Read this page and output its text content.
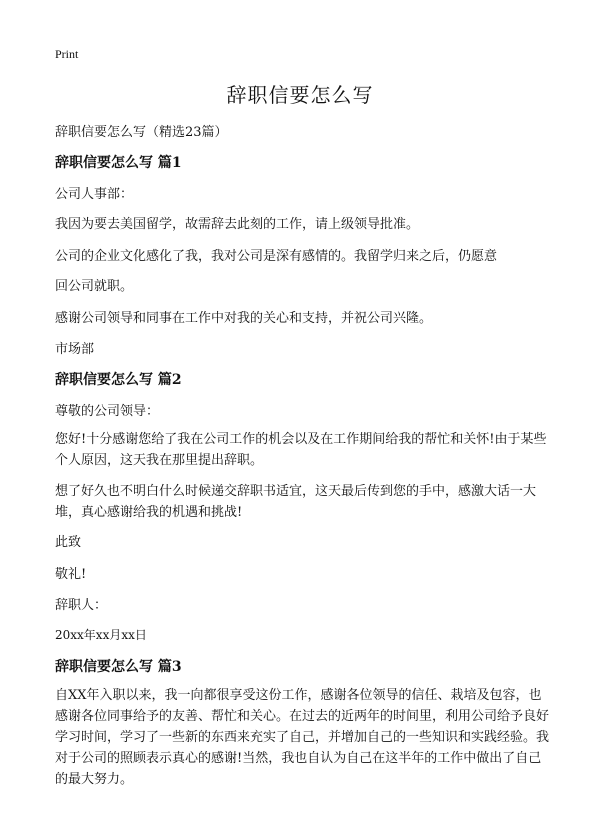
Print
辞职信要怎么写
辞职信要怎么写（精选23篇）
辞职信要怎么写 篇1
公司人事部：
我因为要去美国留学，故需辞去此刻的工作，请上级领导批准。
公司的企业文化感化了我，我对公司是深有感情的。我留学归来之后，仍愿意
回公司就职。
感谢公司领导和同事在工作中对我的关心和支持，并祝公司兴隆。
市场部
辞职信要怎么写 篇2
尊敬的公司领导：
您好!十分感谢您给了我在公司工作的机会以及在工作期间给我的帮忙和关怀!由于某些个人原因，这天我在那里提出辞职。
想了好久也不明白什么时候递交辞职书适宜，这天最后传到您的手中，感激大话一大堆，真心感谢给我的机遇和挑战!
此致
敬礼!
辞职人：
20xx年xx月xx日
辞职信要怎么写 篇3
自XX年入职以来，我一向都很享受这份工作，感谢各位领导的信任、栽培及包容，也感谢各位同事给予的友善、帮忙和关心。在过去的近两年的时间里，利用公司给予良好学习时间，学习了一些新的东西来充实了自己，并增加自己的一些知识和实践经验。我对于公司的照顾表示真心的感谢!当然，我也自认为自己在这半年的工作中做出了自己的最大努力。
